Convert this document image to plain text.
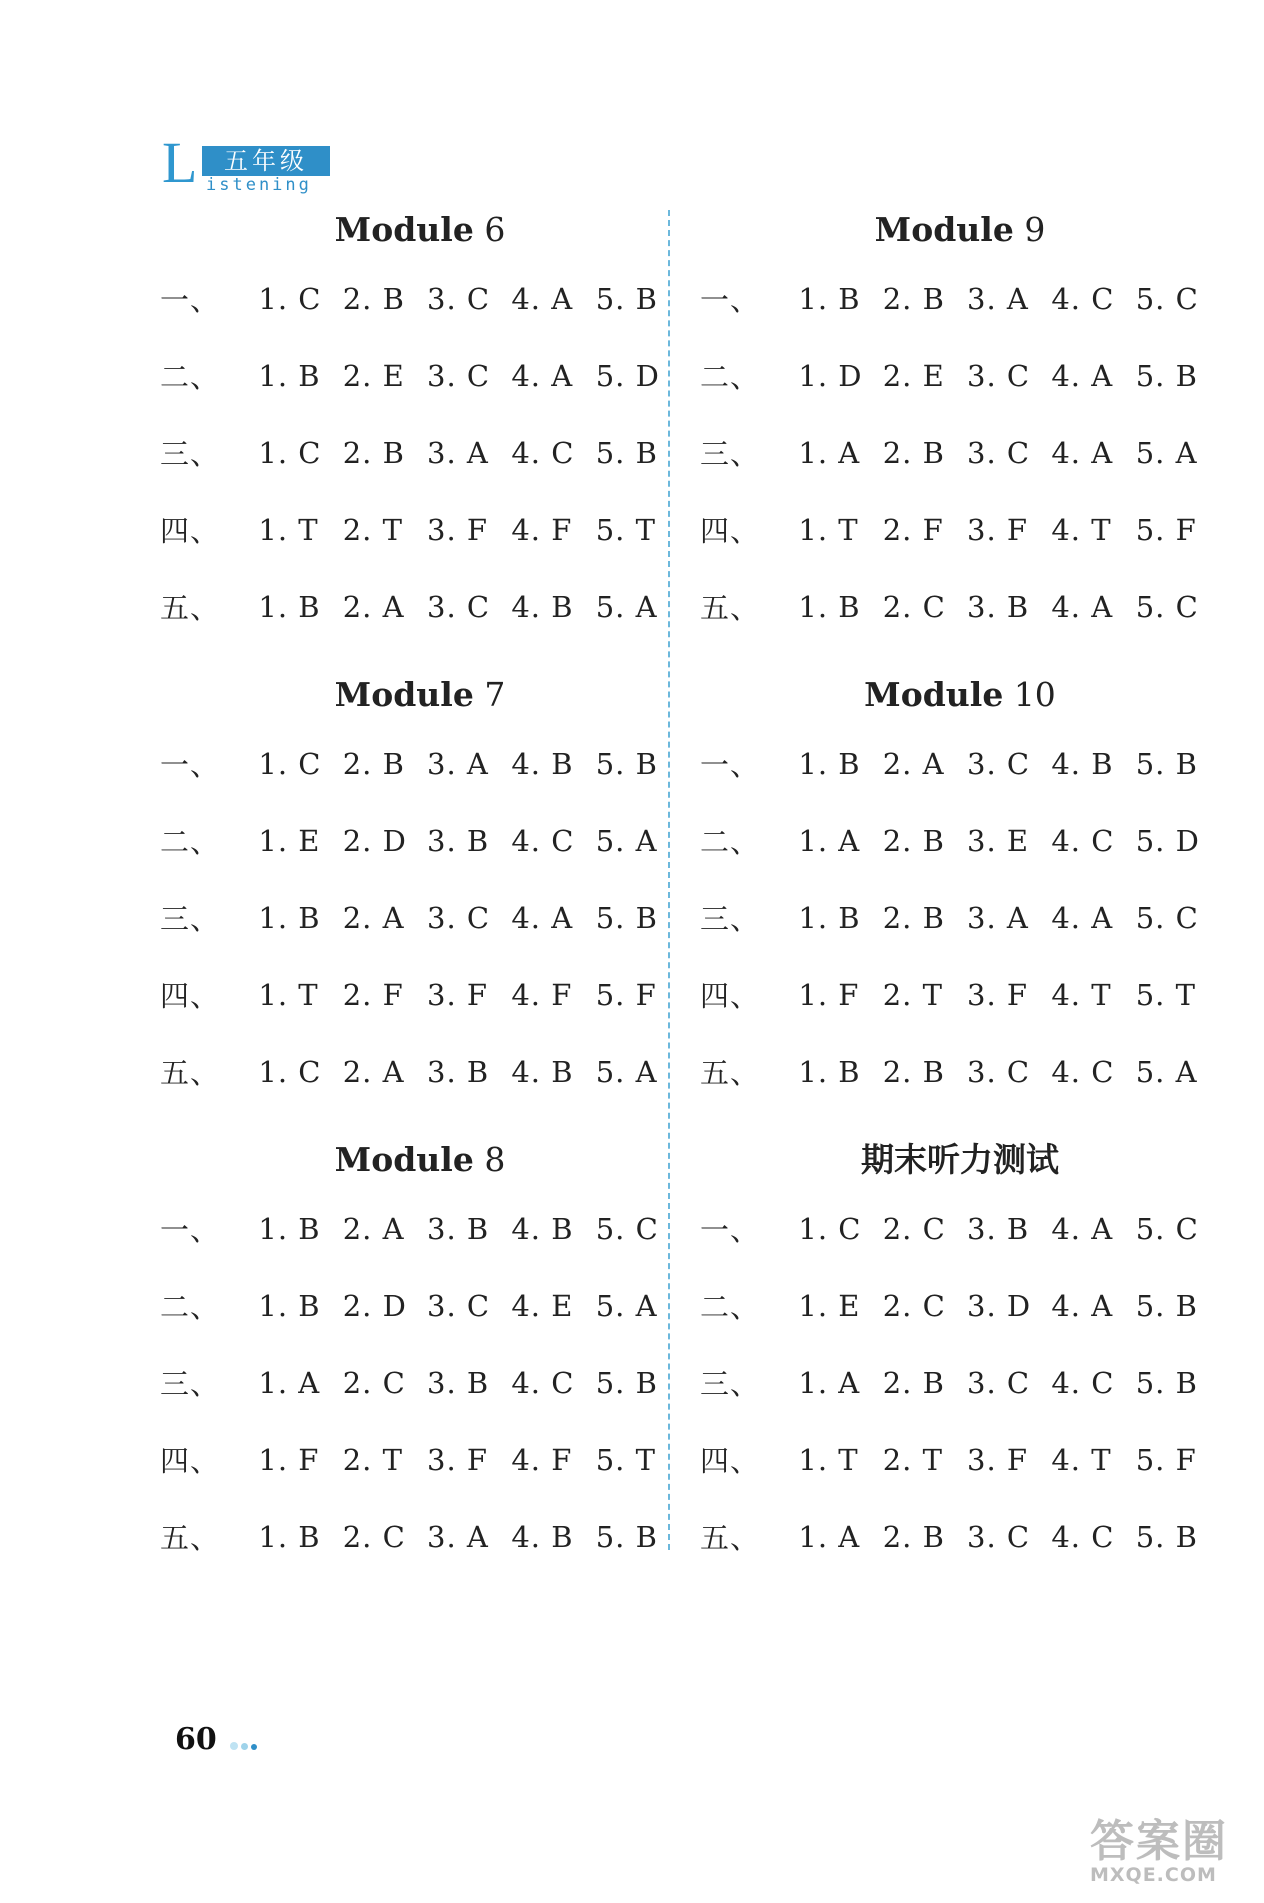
L	五年级
istening
Module 6
一、	1. C 2. B 3. C 4. A 5. B
二、	1. B 2. E 3. C 4. A 5. D
三、	1. C 2. B 3. A 4. C 5. B
四、	1. T 2. T 3. F 4. F 5. T
五、	1. B 2. A 3. C 4. B 5. A
Module 7
一、	1. C 2. B 3. A 4. B 5. B
二、	1. E 2. D 3. B 4. C 5. A
三、	1. B 2. A 3. C 4. A 5. B
四、	1. T 2. F 3. F 4. F 5. F
五、	1. C 2. A 3. B 4. B 5. A
Module 8
一、	1. B 2. A 3. B 4. B 5. C
二、	1. B 2. D 3. C 4. E 5. A
三、	1. A 2. C 3. B 4. C 5. B
四、	1. F 2. T 3. F 4. F 5. T
五、	1. B 2. C 3. A 4. B 5. B
Module 9
一、	1. B 2. B 3. A 4. C 5. C
二、	1. D 2. E 3. C 4. A 5. B
三、	1. A 2. B 3. C 4. A 5. A
四、	1. T 2. F 3. F 4. T 5. F
五、	1. B 2. C 3. B 4. A 5. C
Module 10
一、	1. B 2. A 3. C 4. B 5. B
二、	1. A 2. B 3. E 4. C 5. D
三、	1. B 2. B 3. A 4. A 5. C
四、	1. F 2. T 3. F 4. T 5. T
五、	1. B 2. B 3. C 4. C 5. A
期末听力测试
一、	1. C 2. C 3. B 4. A 5. C
二、	1. E 2. C 3. D 4. A 5. B
三、	1. A 2. B 3. C 4. C 5. B
四、	1. T 2. T 3. F 4. T 5. F
五、	1. A 2. B 3. C 4. C 5. B
60
答案圈
MXQE.COM
